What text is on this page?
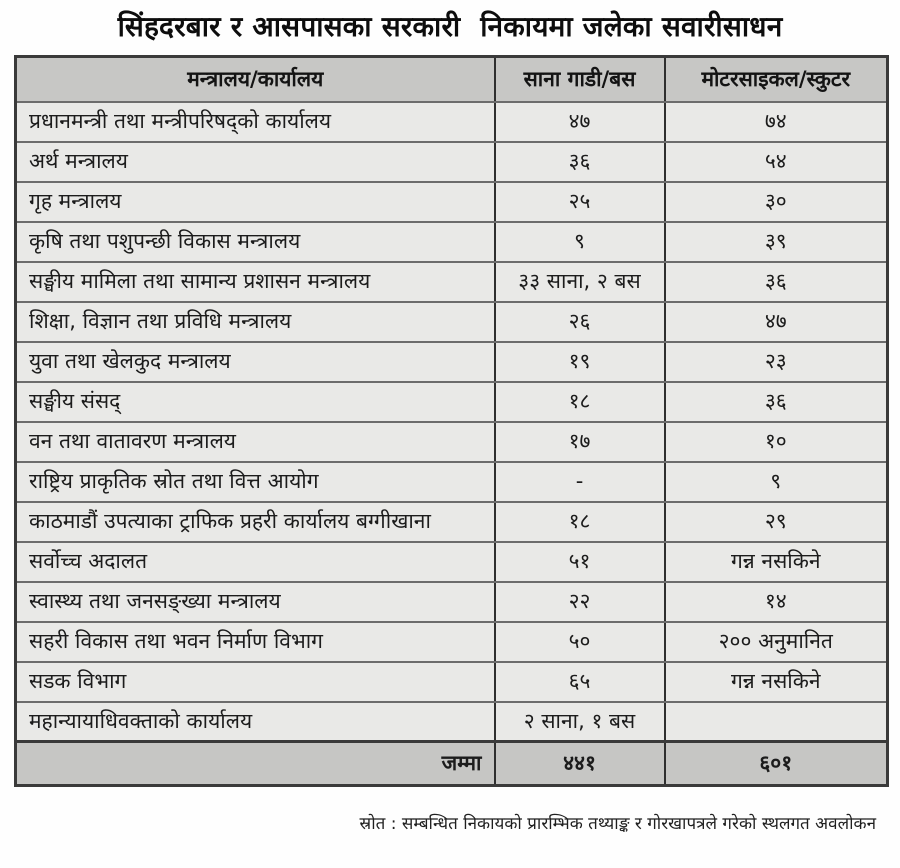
सिंहदरबार र आसपासका सरकारी  निकायमा जलेका सवारीसाधन
मन्त्रालय/कार्यालय	साना गाडी/बस	मोटरसाइकल/स्कुटर
प्रधानमन्त्री तथा मन्त्रीपरिषद्को कार्यालय	४७	७४
अर्थ मन्त्रालय	३६	५४
गृह मन्त्रालय	२५	३०
कृषि तथा पशुपन्छी विकास मन्त्रालय	९	३९
सङ्घीय मामिला तथा सामान्य प्रशासन मन्त्रालय	३३ साना, २ बस	३६
शिक्षा, विज्ञान तथा प्रविधि मन्त्रालय	२६	४७
युवा तथा खेलकुद मन्त्रालय	१९	२३
सङ्घीय संसद्	१८	३६
वन तथा वातावरण मन्त्रालय	१७	१०
राष्ट्रिय प्राकृतिक स्रोत तथा वित्त आयोग	-	९
काठमाडौं उपत्याका ट्राफिक प्रहरी कार्यालय बग्गीखाना	१८	२९
सर्वोच्च अदालत	५१	गन्न नसकिने
स्वास्थ्य तथा जनसङ्ख्या मन्त्रालय	२२	१४
सहरी विकास तथा भवन निर्माण विभाग	५०	२०० अनुमानित
सडक विभाग	६५	गन्न नसकिने
महान्यायाधिवक्ताको कार्यालय	२ साना, १ बस	
जम्मा	४४१	६०१
स्रोत : सम्बन्धित निकायको प्रारम्भिक तथ्याङ्क र गोरखापत्रले गरेको स्थलगत अवलोकन
